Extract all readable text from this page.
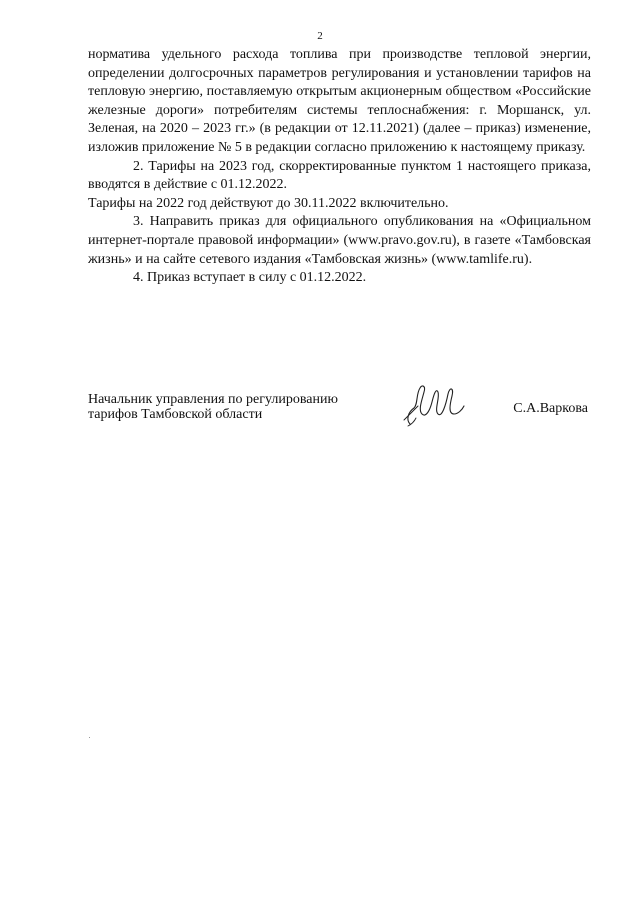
2

норматива удельного расхода топлива при производстве тепловой энергии, определении долгосрочных параметров регулирования и установлении тарифов на тепловую энергию, поставляемую открытым акционерным обществом «Российские железные дороги» потребителям системы теплоснабжения: г. Моршанск, ул. Зеленая, на 2020 – 2023 гг.» (в редакции от 12.11.2021) (далее – приказ) изменение, изложив приложение № 5 в редакции согласно приложению к настоящему приказу.

2. Тарифы на 2023 год, скорректированные пунктом 1 настоящего приказа, вводятся в действие с 01.12.2022.

Тарифы на 2022 год действуют до 30.11.2022 включительно.

3. Направить приказ для официального опубликования на «Официальном интернет-портале правовой информации» (www.pravo.gov.ru), в газете «Тамбовская жизнь» и на сайте сетевого издания «Тамбовская жизнь» (www.tamlife.ru).

4. Приказ вступает в силу с 01.12.2022.

Начальник управления по регулированию
тарифов Тамбовской области	С.А.Варкова
